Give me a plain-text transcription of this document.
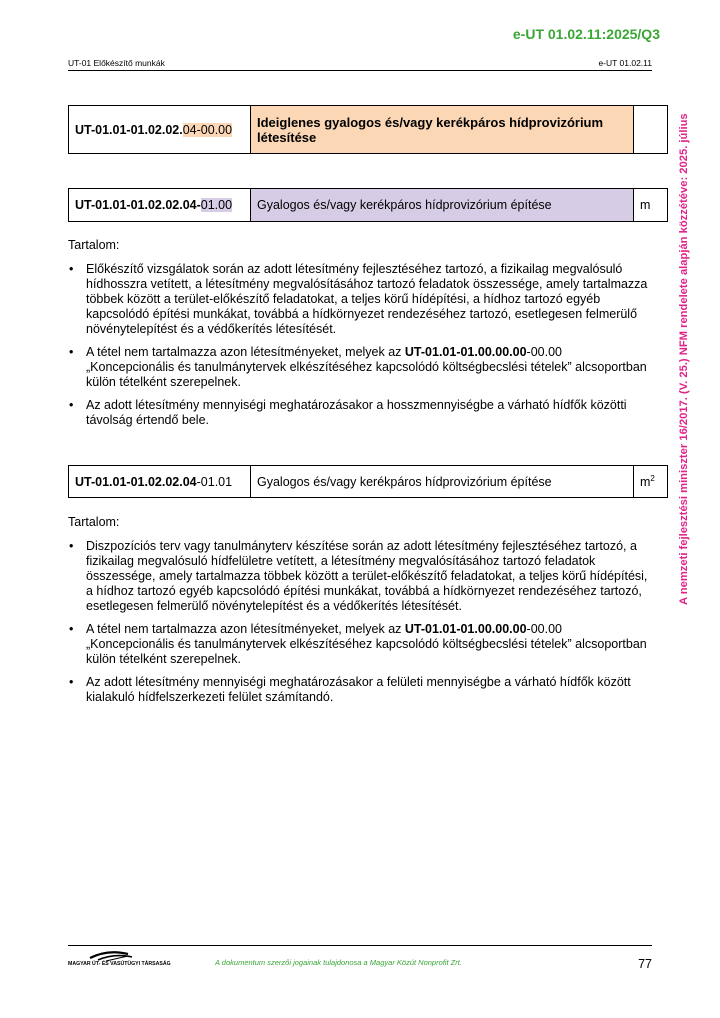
e-UT 01.02.11:2025/Q3
UT-01 Előkészítő munkák	e-UT 01.02.11
A nemzeti fejlesztési miniszter 16/2017. (V. 25.) NFM rendelete alapján közzétéve: 2025. július
UT-01.01-01.02.02.04-00.00	Ideiglenes gyalogos és/vagy kerékpáros hídprovizórium létesítése	
UT-01.01-01.02.02.04-01.00	Gyalogos és/vagy kerékpáros hídprovizórium építése	m

Tartalom:

• Előkészítő vizsgálatok során az adott létesítmény fejlesztéséhez tartozó, a fizikailag megvalósuló hídhosszra vetített, a létesítmény megvalósításához tartozó feladatok összessége, amely tartalmazza többek között a terület-előkészítő feladatokat, a teljes körű hídépítési, a hídhoz tartozó egyéb kapcsolódó építési munkákat, továbbá a hídkörnyezet rendezéséhez tartozó, esetlegesen felmerülő növénytelepítést és a védőkerítés létesítését.
• A tétel nem tartalmazza azon létesítményeket, melyek az UT-01.01-01.00.00.00-00.00 „Koncepcionális és tanulmánytervek elkészítéséhez kapcsolódó költségbecslési tételek” alcsoportban külön tételként szerepelnek.
• Az adott létesítmény mennyiségi meghatározásakor a hosszmennyiségbe a várható hídfők közötti távolság értendő bele.
UT-01.01-01.02.02.04-01.01	Gyalogos és/vagy kerékpáros hídprovizórium építése	$m^2$

Tartalom:

• Diszpozíciós terv vagy tanulmányterv készítése során az adott létesítmény fejlesztéséhez tartozó, a fizikailag megvalósuló hídfelületre vetített, a létesítmény megvalósításához tartozó feladatok összessége, amely tartalmazza többek között a terület-előkészítő feladatokat, a teljes körű hídépítési, a hídhoz tartozó egyéb kapcsolódó építési munkákat, továbbá a hídkörnyezet rendezéséhez tartozó, esetlegesen felmerülő növénytelepítést és a védőkerítés létesítését.
• A tétel nem tartalmazza azon létesítményeket, melyek az UT-01.01-01.00.00.00-00.00 „Koncepcionális és tanulmánytervek elkészítéséhez kapcsolódó költségbecslési tételek” alcsoportban külön tételként szerepelnek.
• Az adott létesítmény mennyiségi meghatározásakor a felületi mennyiségbe a várható hídfők között kialakuló hídfelszerkezeti felület számítandó.
MAGYAR ÚT- ÉS VASÚTÜGYI TÁRSASÁG	A dokumentum szerzői jogainak tulajdonosa a Magyar Közút Nonprofit Zrt.	77
